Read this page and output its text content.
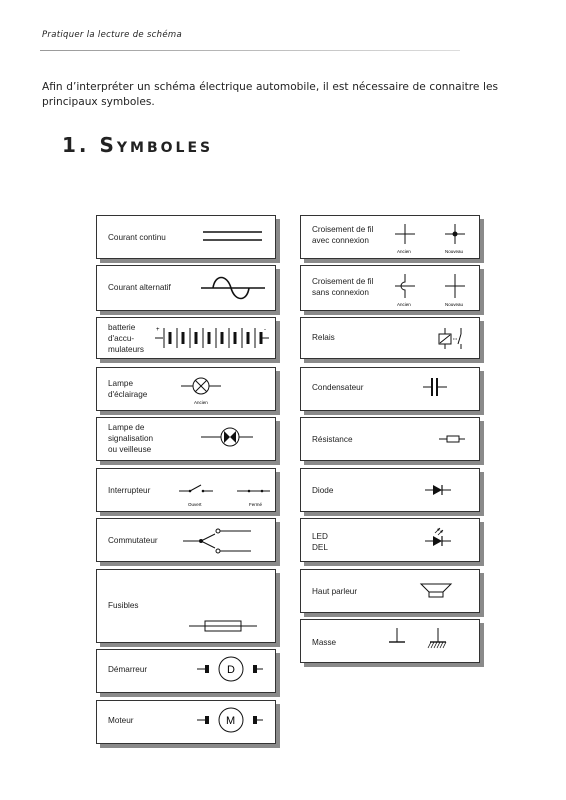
Pratiquer la lecture de schéma
Afin d’interpréter un schéma électrique automobile, il est nécessaire de connaitre les principaux symboles.
1. SYMBOLES
Courant continu
Courant alternatif
batterie
d'accu-
mulateurs
+	-
Lampe
d'éclairage
Ancien
Lampe de
signalisation
ou veilleuse
Interrupteur
Ouvert	Fermé
Commutateur
Fusibles
Démarreur	D
Moteur	M
Croisement de fil
avec connexion
Ancien	Nouveau
Croisement de fil
sans connexion
Ancien	Nouveau
Relais
Condensateur
Résistance
Diode
LED
DEL
Haut parleur
Masse
